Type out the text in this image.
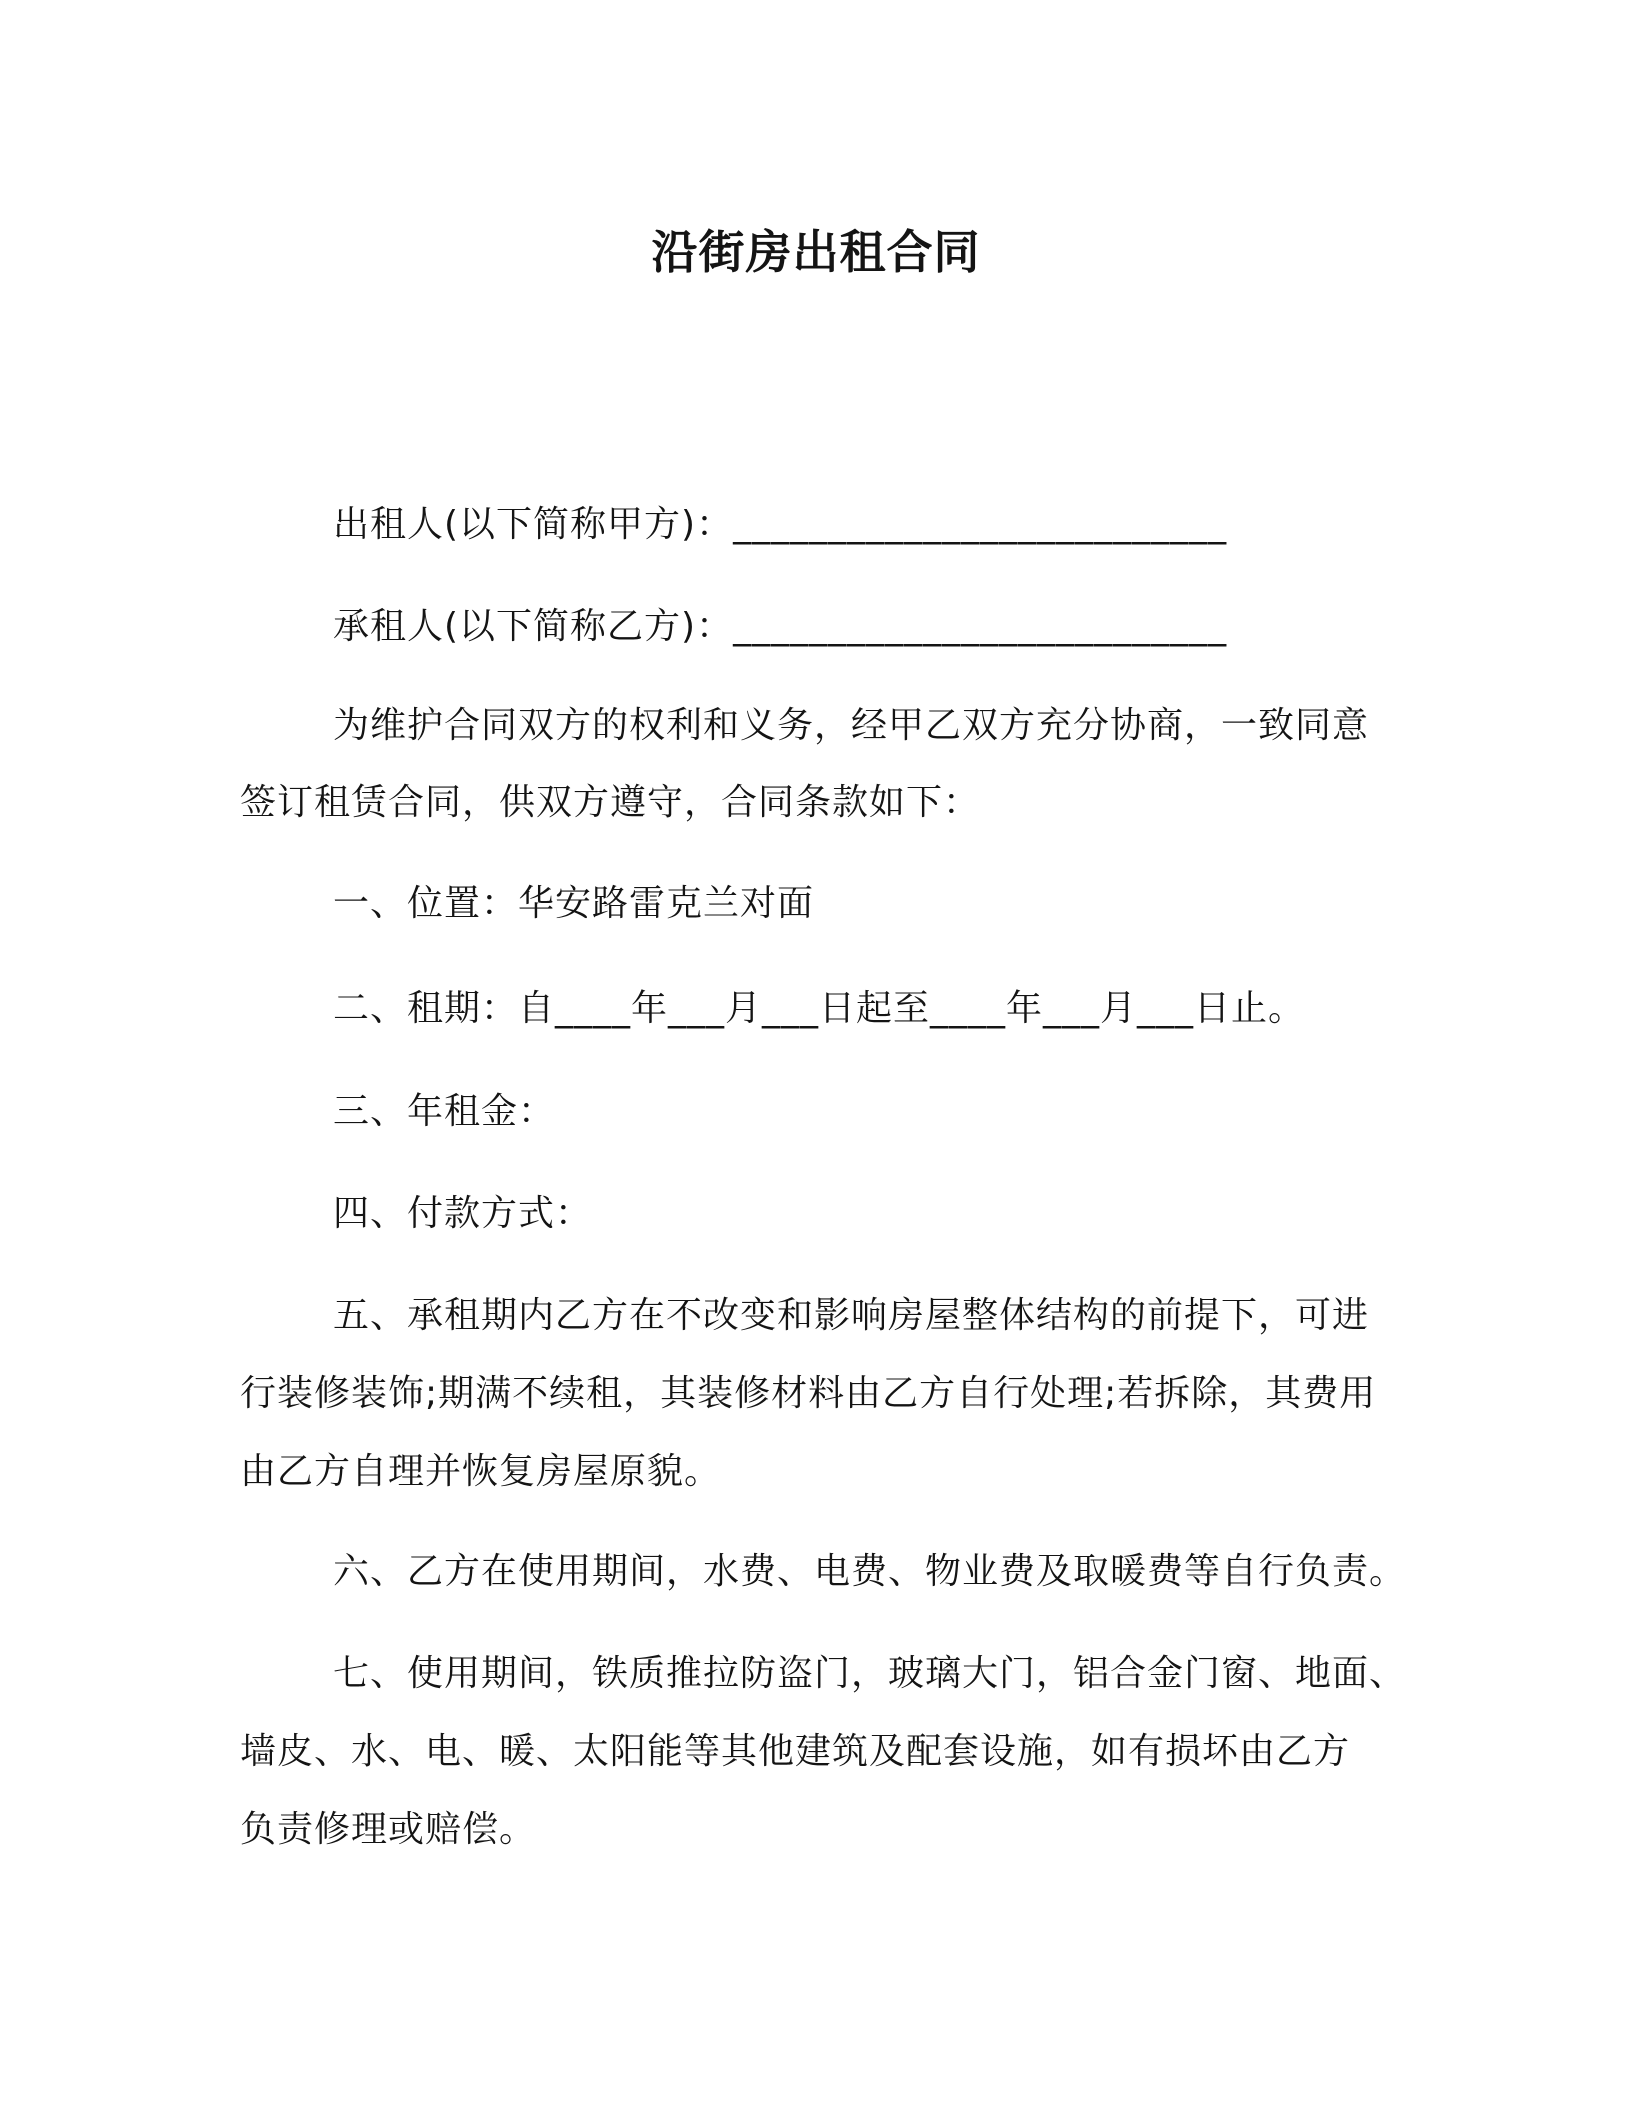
沿街房出租合同
出租人(以下简称甲方)：__________________________
承租人(以下简称乙方)：__________________________
为维护合同双方的权利和义务，经甲乙双方充分协商，一致同意
签订租赁合同，供双方遵守，合同条款如下：
一、位置：华安路雷克兰对面
二、租期：自____年___月___日起至____年___月___日止。
三、年租金：
四、付款方式：
五、承租期内乙方在不改变和影响房屋整体结构的前提下，可进
行装修装饰;期满不续租，其装修材料由乙方自行处理;若拆除，其费用
由乙方自理并恢复房屋原貌。
六、乙方在使用期间，水费、电费、物业费及取暖费等自行负责。
七、使用期间，铁质推拉防盗门，玻璃大门，铝合金门窗、地面、
墙皮、水、电、暖、太阳能等其他建筑及配套设施，如有损坏由乙方
负责修理或赔偿。
